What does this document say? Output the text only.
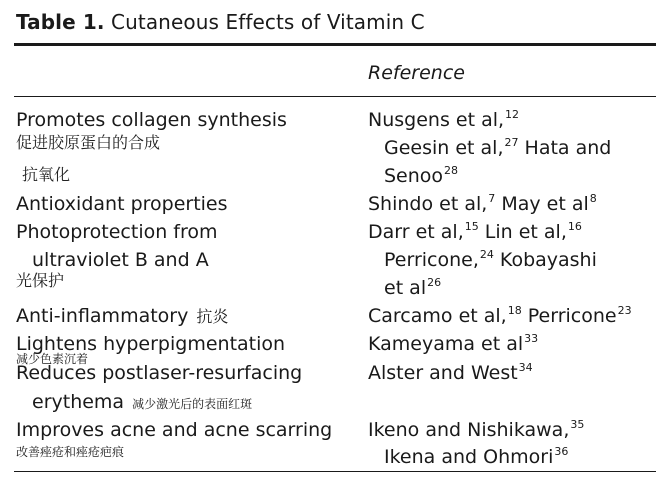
Table 1. Cutaneous Effects of Vitamin C
Reference
Promotes collagen synthesis
促进胶原蛋白的合成
抗氧化
Nusgens et al,$^{12}$
Geesin et al,$^{27}$ Hata and
Senoo$^{28}$
Antioxidant properties	Shindo et al,$^7$ May et $al^8$
Photoprotection from
ultraviolet B and A
光保护
Darr et al,$^{15}$ Lin et al,$^{16}$
Perricone,$^{24}$ Kobayashi
et $al^{26}$
Anti-inflammatory 抗炎	Carcamo et al,$^{18}$ Perricone$^{23}$
Lightens hyperpigmentation
减少色素沉着
Kameyama et $al^{33}$
Reduces postlaser-resurfacing
erythema 减少激光后的表面红斑
Alster and West$^{34}$
Improves acne and acne scarring
改善痤疮和痤疮疤痕
Ikeno and Nishikawa,$^{35}$
Ikena and Ohmori$^{36}$
